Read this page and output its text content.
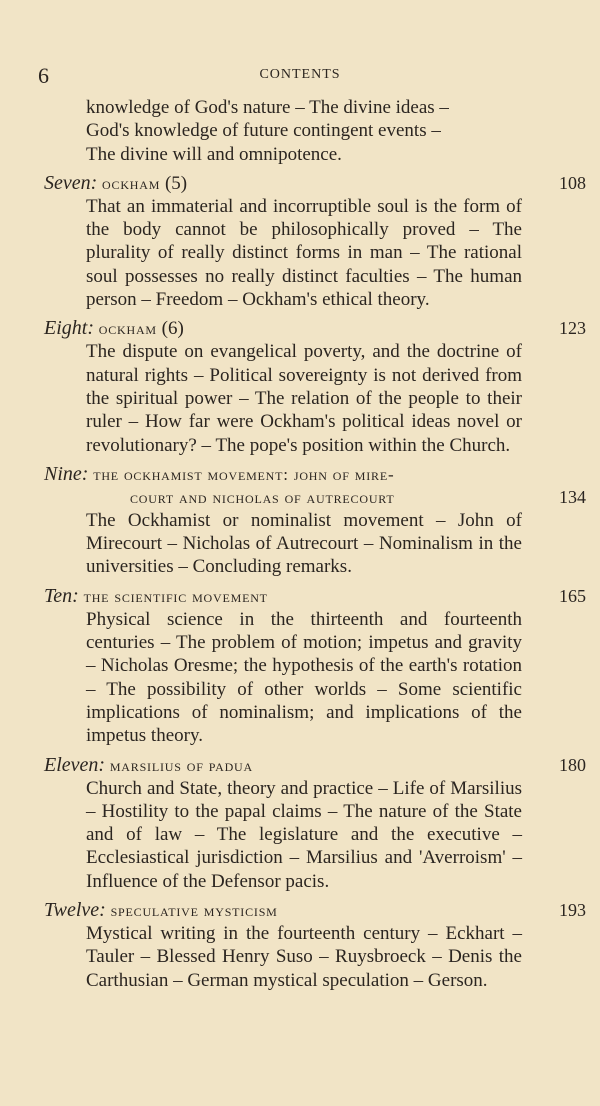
6	CONTENTS
knowledge of God's nature – The divine ideas –
God's knowledge of future contingent events –
The divine will and omnipotence.
Seven: ockham (5)	108
That an immaterial and incorruptible soul is the form of the body cannot be philosophically proved – The plurality of really distinct forms in man – The rational soul possesses no really distinct faculties – The human person – Freedom – Ockham's ethical theory.
Eight: ockham (6)	123
The dispute on evangelical poverty, and the doctrine of natural rights – Political sovereignty is not derived from the spiritual power – The relation of the people to their ruler – How far were Ockham's political ideas novel or revolutionary? – The pope's position within the Church.
Nine: the ockhamist movement: john of mire-
court and nicholas of autrecourt	134
The Ockhamist or nominalist movement – John of Mirecourt – Nicholas of Autrecourt – Nominalism in the universities – Concluding remarks.
Ten: the scientific movement	165
Physical science in the thirteenth and fourteenth centuries – The problem of motion; impetus and gravity – Nicholas Oresme; the hypothesis of the earth's rotation – The possibility of other worlds – Some scientific implications of nominalism; and implications of the impetus theory.
Eleven: marsilius of padua	180
Church and State, theory and practice – Life of Marsilius – Hostility to the papal claims – The nature of the State and of law – The legislature and the executive – Ecclesiastical jurisdiction – Marsilius and 'Averroism' – Influence of the Defensor pacis.
Twelve: speculative mysticism	193
Mystical writing in the fourteenth century – Eckhart – Tauler – Blessed Henry Suso – Ruysbroeck – Denis the Carthusian – German mystical speculation – Gerson.
